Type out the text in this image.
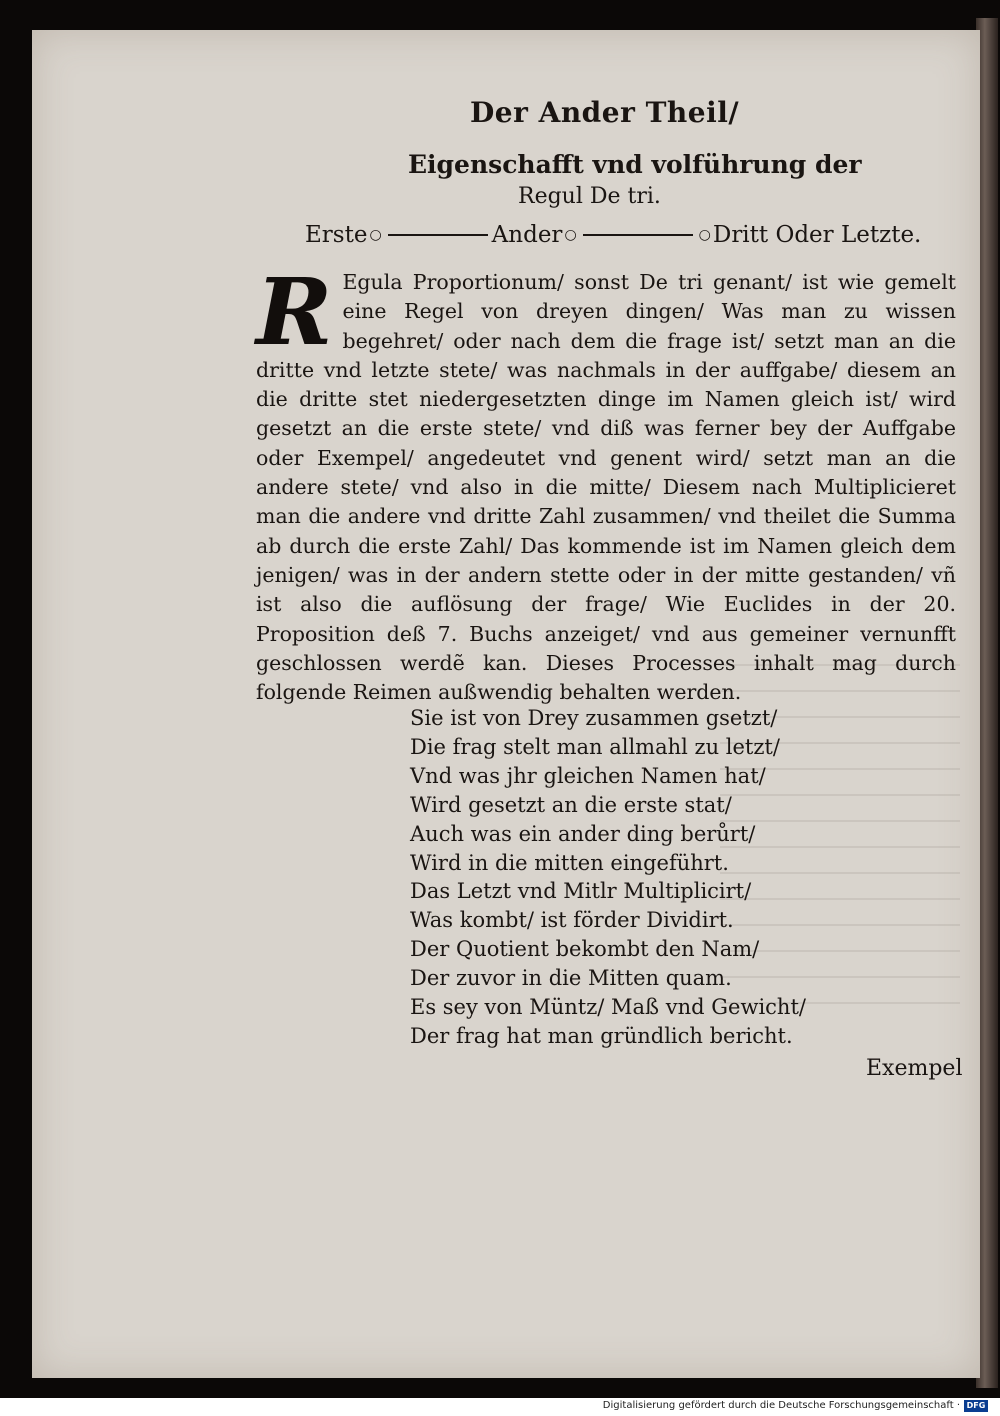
Der Ander Theil/
Eigenschafft vnd volführung der
Regul De tri.
Erste ○	Ander ○	○ Dritt Oder Letzte.
R Egula Proportionum/ sonst De tri genant/ ist wie gemelt eine Regel von dreyen dingen/ Was man zu wissen begehret/ oder nach dem die frage ist/ setzt man an die dritte vnd letzte stete/ was nachmals in der auffgabe/ diesem an die dritte stet niedergesetzten dinge im Namen gleich ist/ wird gesetzt an die erste stete/ vnd diß was ferner bey der Auffgabe oder Exempel/ angedeutet vnd genent wird/ setzt man an die andere stete/ vnd also in die mitte/ Diesem nach Multiplicieret man die andere vnd dritte Zahl zusammen/ vnd theilet die Summa ab durch die erste Zahl/ Das kommende ist im Namen gleich dem jenigen/ was in der andern stette oder in der mitte gestanden/ vñ ist also die auflösung der frage/ Wie Euclides in der 20. Proposition deß 7. Buchs anzeiget/ vnd aus gemeiner vernunfft geschlossen werdẽ kan. Dieses Processes inhalt mag durch folgende Reimen außwendig behalten werden.

Sie ist von Drey zusammen gsetzt/
Die frag stelt man allmahl zu letzt/
Vnd was jhr gleichen Namen hat/
Wird gesetzt an die erste stat/
Auch was ein ander ding berůrt/
Wird in die mitten eingeführt.
Das Letzt vnd Mitlr Multiplicirt/
Was kombt/ ist förder Dividirt.
Der Quotient bekombt den Nam/
Der zuvor in die Mitten quam.
Es sey von Müntz/ Maß vnd Gewicht/
Der frag hat man gründlich bericht.
Exempel
Digitalisierung gefördert durch die Deutsche Forschungsgemeinschaft · DFG
